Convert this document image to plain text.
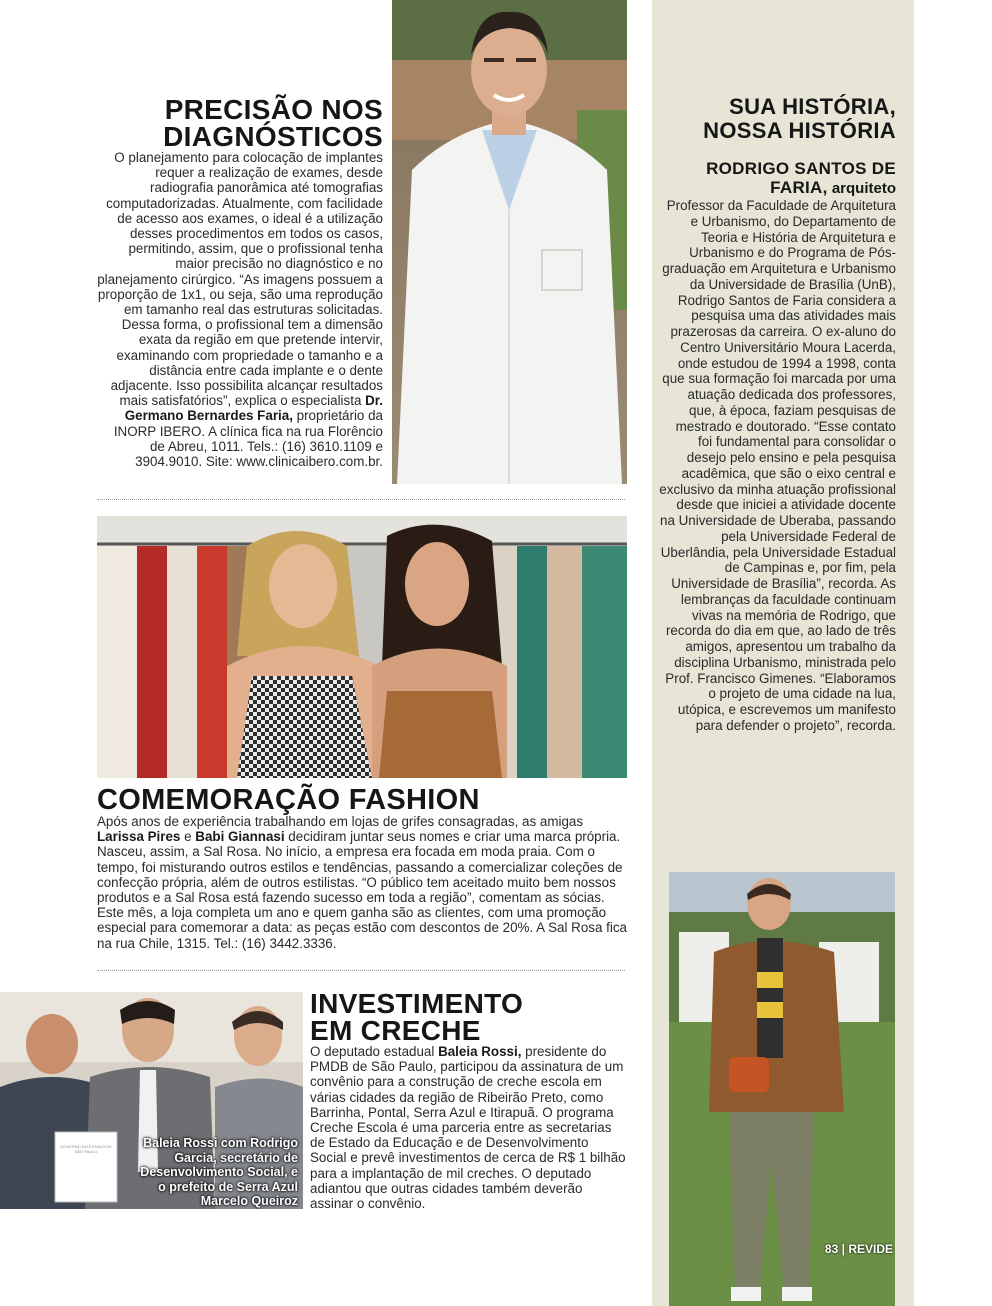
PRECISÃO NOS
DIAGNÓSTICOS

O planejamento para colocação de implantes requer a realização de exames, desde radiografia panorâmica até tomografias computadorizadas. Atualmente, com facilidade de acesso aos exames, o ideal é a utilização desses procedimentos em todos os casos, permitindo, assim, que o profissional tenha maior precisão no diagnóstico e no planejamento cirúrgico. “As imagens possuem a proporção de 1x1, ou seja, são uma reprodução em tamanho real das estruturas solicitadas. Dessa forma, o profissional tem a dimensão exata da região em que pretende intervir, examinando com propriedade o tamanho e a distância entre cada implante e o dente adjacente. Isso possibilita alcançar resultados mais satisfatórios”, explica o especialista Dr. Germano Bernardes Faria, proprietário da INORP IBERO. A clínica fica na rua Florêncio de Abreu, 1011. Tels.: (16) 3610.1109 e 3904.9010. Site: www.clinicaibero.com.br.

COMEMORAÇÃO FASHION

Após anos de experiência trabalhando em lojas de grifes consagradas, as amigas Larissa Pires e Babi Giannasi decidiram juntar seus nomes e criar uma marca própria. Nasceu, assim, a Sal Rosa. No início, a empresa era focada em moda praia. Com o tempo, foi misturando outros estilos e tendências, passando a comercializar coleções de confecção própria, além de outros estilistas. “O público tem aceitado muito bem nossos produtos e a Sal Rosa está fazendo sucesso em toda a região”, comentam as sócias. Este mês, a loja completa um ano e quem ganha são as clientes, com uma promoção especial para comemorar a data: as peças estão com descontos de 20%. A Sal Rosa fica na rua Chile, 1315. Tel.: (16) 3442.3336.

GOVERNO DO ESTADO DE SÃO PAULO
Baleia Rossi com Rodrigo Garcia, secretário de Desenvolvimento Social, e o prefeito de Serra Azul Marcelo Queiroz
INVESTIMENTO
EM CRECHE

O deputado estadual Baleia Rossi, presidente do PMDB de São Paulo, participou da assinatura de um convênio para a construção de creche escola em várias cidades da região de Ribeirão Preto, como Barrinha, Pontal, Serra Azul e Itirapuã. O programa Creche Escola é uma parceria entre as secretarias de Estado da Educação e de Desenvolvimento Social e prevê investimentos de cerca de R$ 1 bilhão para a implantação de mil creches. O deputado adiantou que outras cidades também deverão assinar o convênio.

SUA HISTÓRIA,
NOSSA HISTÓRIA
RODRIGO SANTOS DE
FARIA, arquiteto

Professor da Faculdade de Arquitetura e Urbanismo, do Departamento de Teoria e História de Arquitetura e Urbanismo e do Programa de Pós-graduação em Arquitetura e Urbanismo da Universidade de Brasília (UnB), Rodrigo Santos de Faria considera a pesquisa uma das atividades mais prazerosas da carreira. O ex-aluno do Centro Universitário Moura Lacerda, onde estudou de 1994 a 1998, conta que sua formação foi marcada por uma atuação dedicada dos professores, que, à época, faziam pesquisas de mestrado e doutorado. “Esse contato foi fundamental para consolidar o desejo pelo ensino e pela pesquisa acadêmica, que são o eixo central e exclusivo da minha atuação profissional desde que iniciei a atividade docente na Universidade de Uberaba, passando pela Universidade Federal de Uberlândia, pela Universidade Estadual de Campinas e, por fim, pela Universidade de Brasília”, recorda. As lembranças da faculdade continuam vivas na memória de Rodrigo, que recorda do dia em que, ao lado de três amigos, apresentou um trabalho da disciplina Urbanismo, ministrada pelo Prof. Francisco Gimenes. “Elaboramos o projeto de uma cidade na lua, utópica, e escrevemos um manifesto para defender o projeto”, recorda.

83 | REVIDE
